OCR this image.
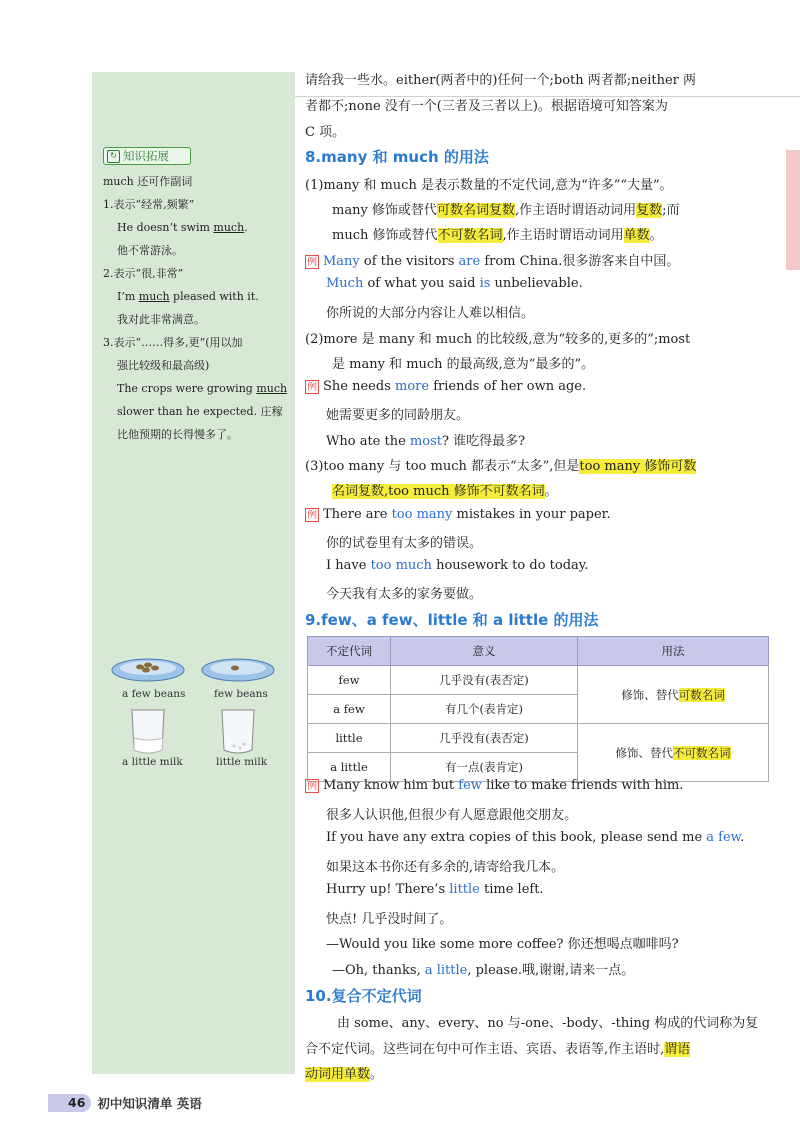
↻ 知识拓展

much 还可作副词

1.表示“经常,频繁”

He doesn’t swim much.

他不常游泳。

2.表示“很,非常”

I’m much pleased with it.

我对此非常满意。

3.表示“……得多,更”(用以加

强比较级和最高级)

The crops were growing much

slower than he expected. 庄稼

比他预期的长得慢多了。

a few beans	few beans
a little milk	little milk
请给我一些水。either(两者中的)任何一个;both 两者都;neither 两
者都不;none 没有一个(三者及三者以上)。根据语境可知答案为
C 项。
8.many 和 much 的用法
(1)many 和 much 是表示数量的不定代词,意为“许多”“大量”。
many 修饰或替代可数名词复数,作主语时谓语动词用复数;而
much 修饰或替代不可数名词,作主语时谓语动词用单数。
例 Many of the visitors are from China.很多游客来自中国。
Much of what you said is unbelievable.
你所说的大部分内容让人难以相信。
(2)more 是 many 和 much 的比较级,意为“较多的,更多的”;most
是 many 和 much 的最高级,意为“最多的”。
例 She needs more friends of her own age.
她需要更多的同龄朋友。
Who ate the most? 谁吃得最多?
(3)too many 与 too much 都表示“太多”,但是too many 修饰可数
名词复数,too much 修饰不可数名词。
例 There are too many mistakes in your paper.
你的试卷里有太多的错误。
I have too much housework to do today.
今天我有太多的家务要做。
9.few、a few、little 和 a little 的用法
不定代词	意义	用法
few	几乎没有(表否定)	修饰、替代可数名词
a few	有几个(表肯定)	
little	几乎没有(表否定)	修饰、替代不可数名词
a little	有一点(表肯定)	
例 Many know him but few like to make friends with him.
很多人认识他,但很少有人愿意跟他交朋友。
If you have any extra copies of this book, please send me a few.
如果这本书你还有多余的,请寄给我几本。
Hurry up! There’s little time left.
快点! 几乎没时间了。
—Would you like some more coffee? 你还想喝点咖啡吗?
—Oh, thanks, a little, please.哦,谢谢,请来一点。
10.复合不定代词
由 some、any、every、no 与-one、-body、-thing 构成的代词称为复
合不定代词。这些词在句中可作主语、宾语、表语等,作主语时,谓语
动词用单数。
46 初中知识清单 英语
